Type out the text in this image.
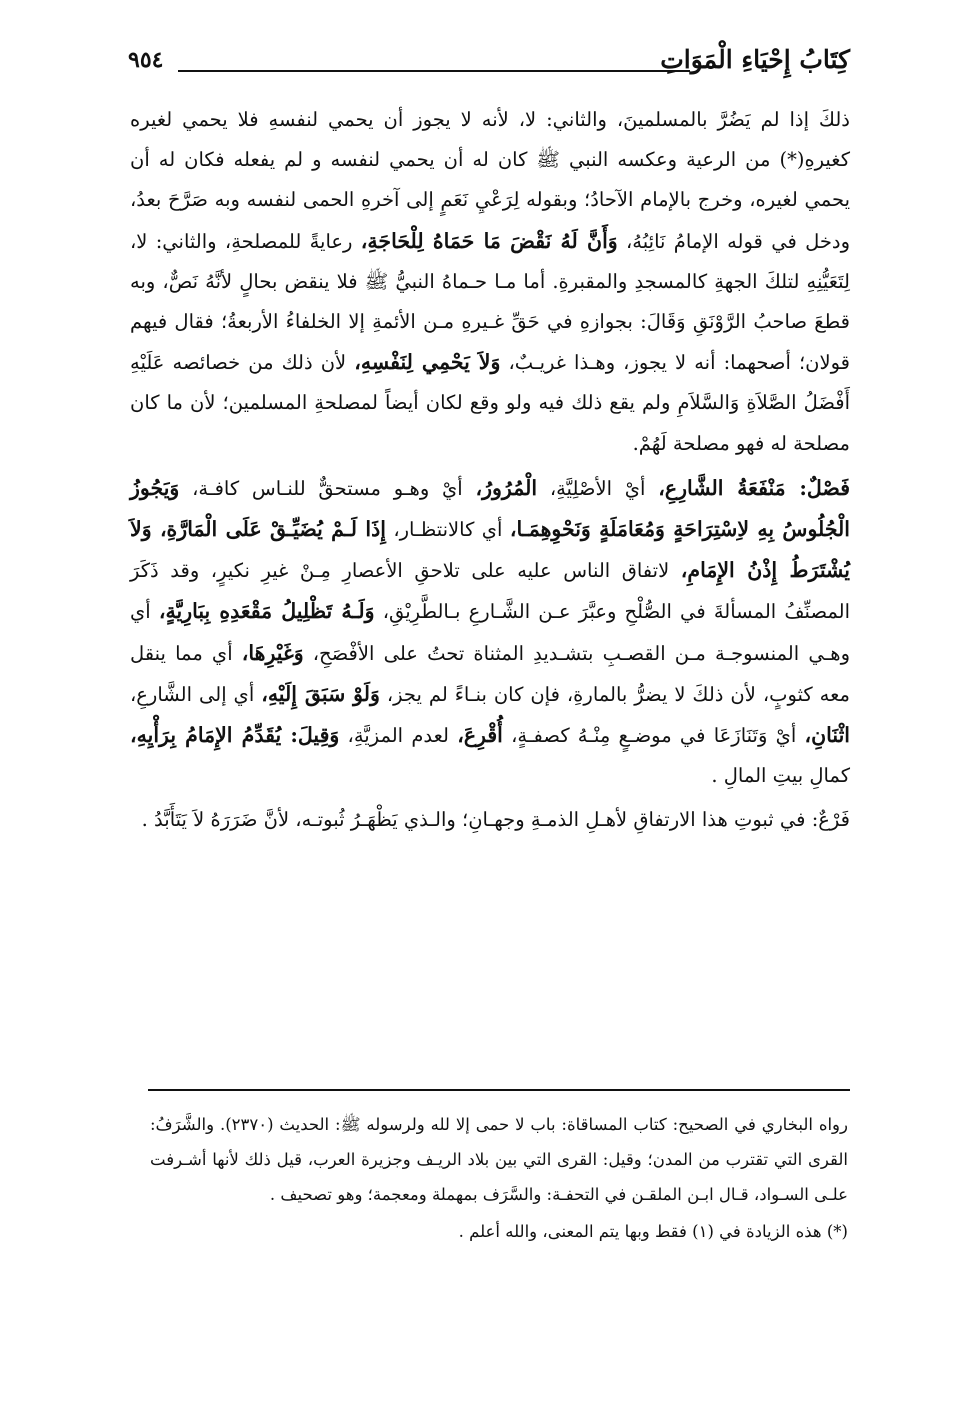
كِتَابُ إِحْيَاءِ الْمَوَاتِ
٩٥٤

ذلكَ إذا لم يَضُرَّ بالمسلمينَ، والثاني: لا، لأنه لا يجوز أن يحمي لنفسهِ فلا يحمي لغيره كغيرهِ(*) من الرعية وعكسه النبي ﷺ كان له أن يحمي لنفسه و لم يفعله فكان له أن يحمي لغيره، وخرج بالإمام الآحادُ؛ وبقوله لِرَعْيِ نَعَمٍ إلى آخرهِ الحمى لنفسه وبه صَرَّحَ بعدُ، ودخل في قوله الإمامُ نَائِبُهُ، وَأَنَّ لَهُ نَقْضَ مَا حَمَاهُ لِلْحَاجَةِ، رعايةً للمصلحةِ، والثاني: لا، لِتَعَيُّنِهِ لتلكَ الجهةِ كالمسجدِ والمقبرةِ. أما مـا حـماهُ النبيُّ ﷺ فلا ينقض بحالٍ لأنَّهُ نَصٌّ، وبه قطعَ صاحبُ الرَّوْنَقِ وَقَالَ: بجوازهِ في حَقِّ غـيرهِ مـن الأئمةِ إلا الخلفاءُ الأربعةُ؛ فقال فيهم قولان؛ أصحهما: أنه لا يجوز، وهـذا غريـبٌ، وَلاَ يَحْمِي لِنَفْسِهِ، لأن ذلك من خصائصه عَلَيْهِ أَفْضَلُ الصَّلاَةِ وَالسَّلاَمِ ولم يقع ذلك فيه ولو وقع لكان أيضاً لمصلحةِ المسلمين؛ لأن ما كان مصلحة له فهو مصلحة لَهُمْ.

فَصْلٌ: مَنْفَعَةُ الشَّارِعِ، أيْ الأصْلِيَّةِ، الْمُرُورُ، أيْ وهـو مستحقٌّ للنـاس كافـة، وَيَجُوزُ الْجُلُوسُ بِهِ لاِسْتِرَاحَةٍ وَمُعَامَلَةٍ وَنَحْوِهِمَـا، أي كالانتظـار، إِذَا لَـمْ يُضَيِّـقْ عَلَى الْمَارَّةِ، وَلاَ يُشْتَرَطُ إِذْنُ الإِمَامِ، لاتفاق الناس عليه على تلاحقِ الأعصارِ مِـنْ غيرِ نكيرٍ، وقد ذَكَرَ المصنِّفُ المسألةَ في الصُّلْحِ وعبَّرَ عـن الشَّـارعِ بـالطَّرِيْقِ، وَلَـهُ تَظْلِيلُ مَقْعَدِهِ بِبَارِيَّةٍ، أي وهـي المنسوجـة مـن القصـبِ بتشـديدِ المثناة تحتُ على الأفْصَحِ، وَغَيْرِهَا، أي مما ينقل معه كثوبٍ، لأن ذلكَ لا يضرُّ بالمارةِ، فإن كان بنـاءً لم يجز، وَلَوْ سَبَقَ إِلَيْهِ، أي إلى الشَّارعِ، اثْنَانِ، أيْ وَتَنَازَعَا في موضـعٍ مِنْـهُ كصفـةٍ، أُقْرِعَ، لعدم المزيَّةِ، وَقِيلَ: يُقَدِّمُ الإِمَامُ بِرَأْيِهِ، كمالِ بيتِ المالِ .

فَرْعٌ: في ثبوتِ هذا الارتفاقِ لأهـلِ الذمـةِ وجهـانِ؛ والـذي يَظْهَـرُ ثُبوتـه، لأنَّ ضَرَرَهُ لاَ يَتَأَبَّدُ .

رواه البخاري في الصحيح: كتاب المساقاة: باب لا حمى إلا لله ولرسوله ﷺ: الحديث (٢٣٧٠). والشَّرَفُ: القرى التي تقترب من المدن؛ وقيل: القرى التي بين بلاد الريـف وجزيرة العرب، قيل ذلك لأنها أشـرفت علـى السـواد، قـال ابـن الملقـن في التحفـة: والسَّرَف بمهملة ومعجمة؛ وهو تصحيف .

(*) هذه الزيادة في (١) فقط وبها يتم المعنى، والله أعلم .
